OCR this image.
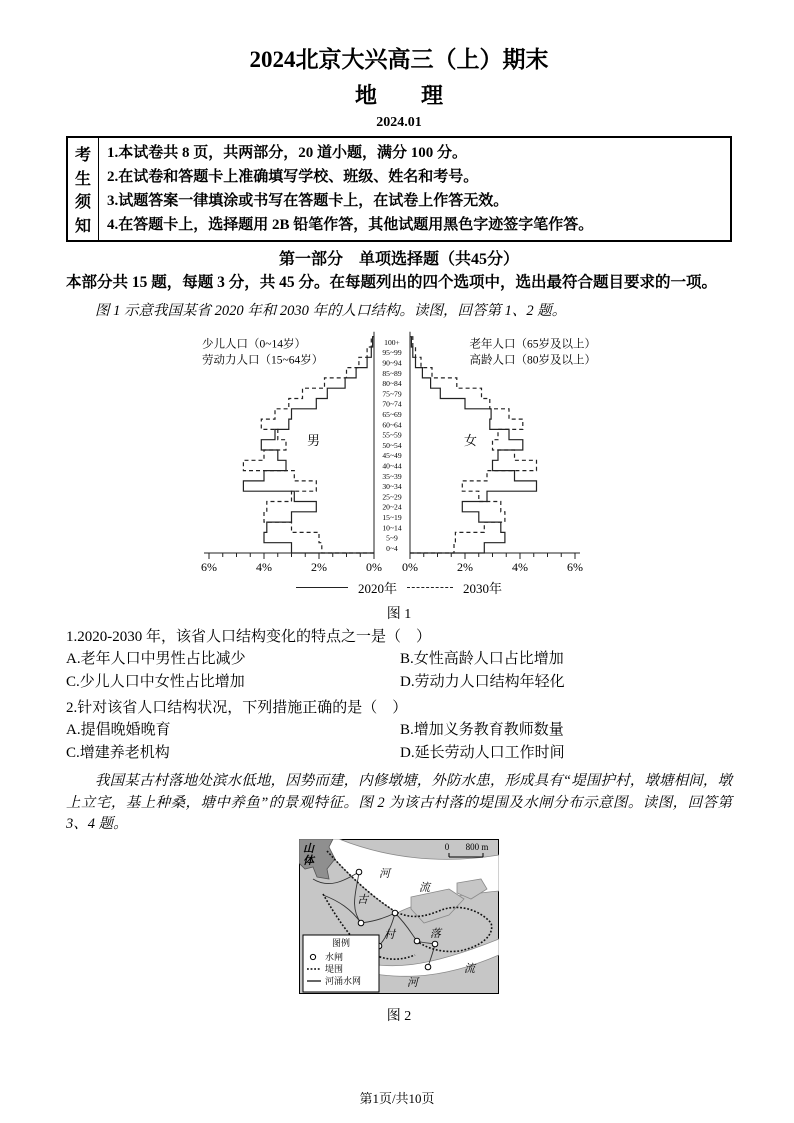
2024北京大兴高三（上）期末
地　　理
2024.01
考
生
须
知
1.本试卷共 8 页，共两部分，20 道小题，满分 100 分。
2.在试卷和答题卡上准确填写学校、班级、姓名和考号。
3.试题答案一律填涂或书写在答题卡上，在试卷上作答无效。
4.在答题卡上，选择题用 2B 铅笔作答，其他试题用黑色字迹签字笔作答。
第一部分　单项选择题（共45分）
本部分共 15 题，每题 3 分，共 45 分。在每题列出的四个选项中，选出最符合题目要求的一项。
图 1 示意我国某省 2020 年和 2030 年的人口结构。读图，回答第 1、2 题。
0% 0%
2%	2%
4%	4%
6%	6%
0~4
5~9
10~14
15~19
20~24
25~29
30~34
35~39
40~44
45~49
50~54
55~59
60~64
65~69
70~74
75~79
80~84
85~89
90~94
95~99
100+
男	女
少儿人口（0~14岁）
劳动力人口（15~64岁）
老年人口（65岁及以上）
高龄人口（80岁及以上）
2020年	2030年
图 1
1.2020-2030 年，该省人口结构变化的特点之一是（　）
A.老年人口中男性占比减少	B.女性高龄人口占比增加
C.少儿人口中女性占比增加	D.劳动力人口结构年轻化
2.针对该省人口结构状况，下列措施正确的是（　）
A.提倡晚婚晚育	B.增加义务教育教师数量
C.增建养老机构	D.延长劳动人口工作时间
我国某古村落地处滨水低地，因势而建，内修墩塘，外防水患，形成具有“堤围护村，墩塘相间，墩上立宅，基上种桑，塘中养鱼”的景观特征。图 2 为该古村落的堤围及水闸分布示意图。读图，回答第 3、4 题。
0 800 m
山
体
河
流
古
村	落
河
流
图例
水闸
堤围
河涌水网
图 2
第1页/共10页
